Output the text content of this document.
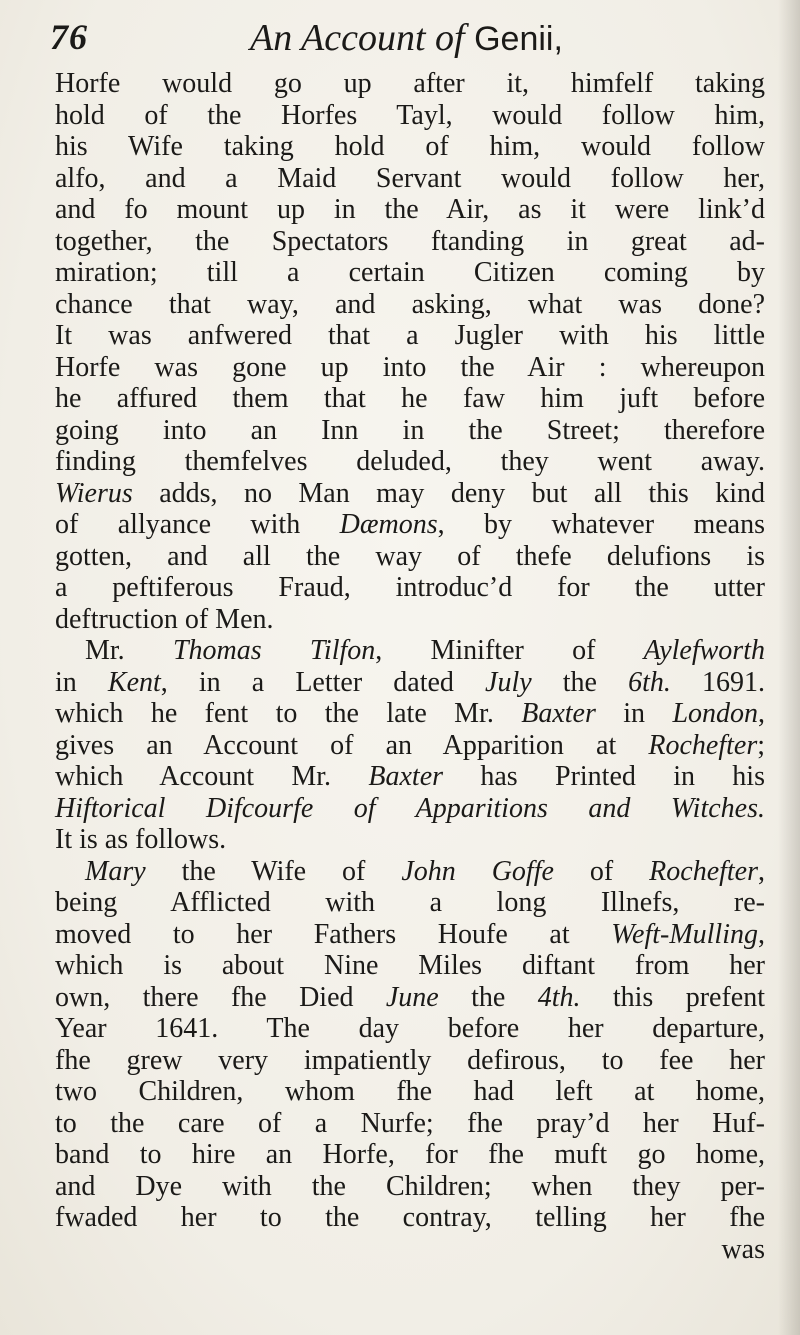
76	An Account of Genii,
Horfe would go up after it, himfelf taking
hold of the Horfes Tayl, would follow him,
his Wife taking hold of him, would follow
alfo, and a Maid Servant would follow her,
and fo mount up in the Air, as it were link’d
together, the Spectators ftanding in great ad-
miration; till a certain Citizen coming by
chance that way, and asking, what was done?
It was anfwered that a Jugler with his little
Horfe was gone up into the Air : whereupon
he affured them that he faw him juft before
going into an Inn in the Street; therefore
finding themfelves deluded, they went away.
Wierus adds, no Man may deny but all this kind
of allyance with Dæmons, by whatever means
gotten, and all the way of thefe delufions is
a peftiferous Fraud, introduc’d for the utter
deftruction of Men.
Mr. Thomas Tilfon, Minifter of Aylefworth
in Kent, in a Letter dated July the 6th. 1691.
which he fent to the late Mr. Baxter in London,
gives an Account of an Apparition at Rochefter;
which Account Mr. Baxter has Printed in his
Hiftorical Difcourfe of Apparitions and Witches.
It is as follows.
Mary the Wife of John Goffe of Rochefter,
being Afflicted with a long Illnefs, re-
moved to her Fathers Houfe at Weft-Mulling,
which is about Nine Miles diftant from her
own, there fhe Died June the 4th. this prefent
Year 1641. The day before her departure,
fhe grew very impatiently defirous, to fee her
two Children, whom fhe had left at home,
to the care of a Nurfe; fhe pray’d her Huf-
band to hire an Horfe, for fhe muft go home,
and Dye with the Children; when they per-
fwaded her to the contray, telling her fhe
was
